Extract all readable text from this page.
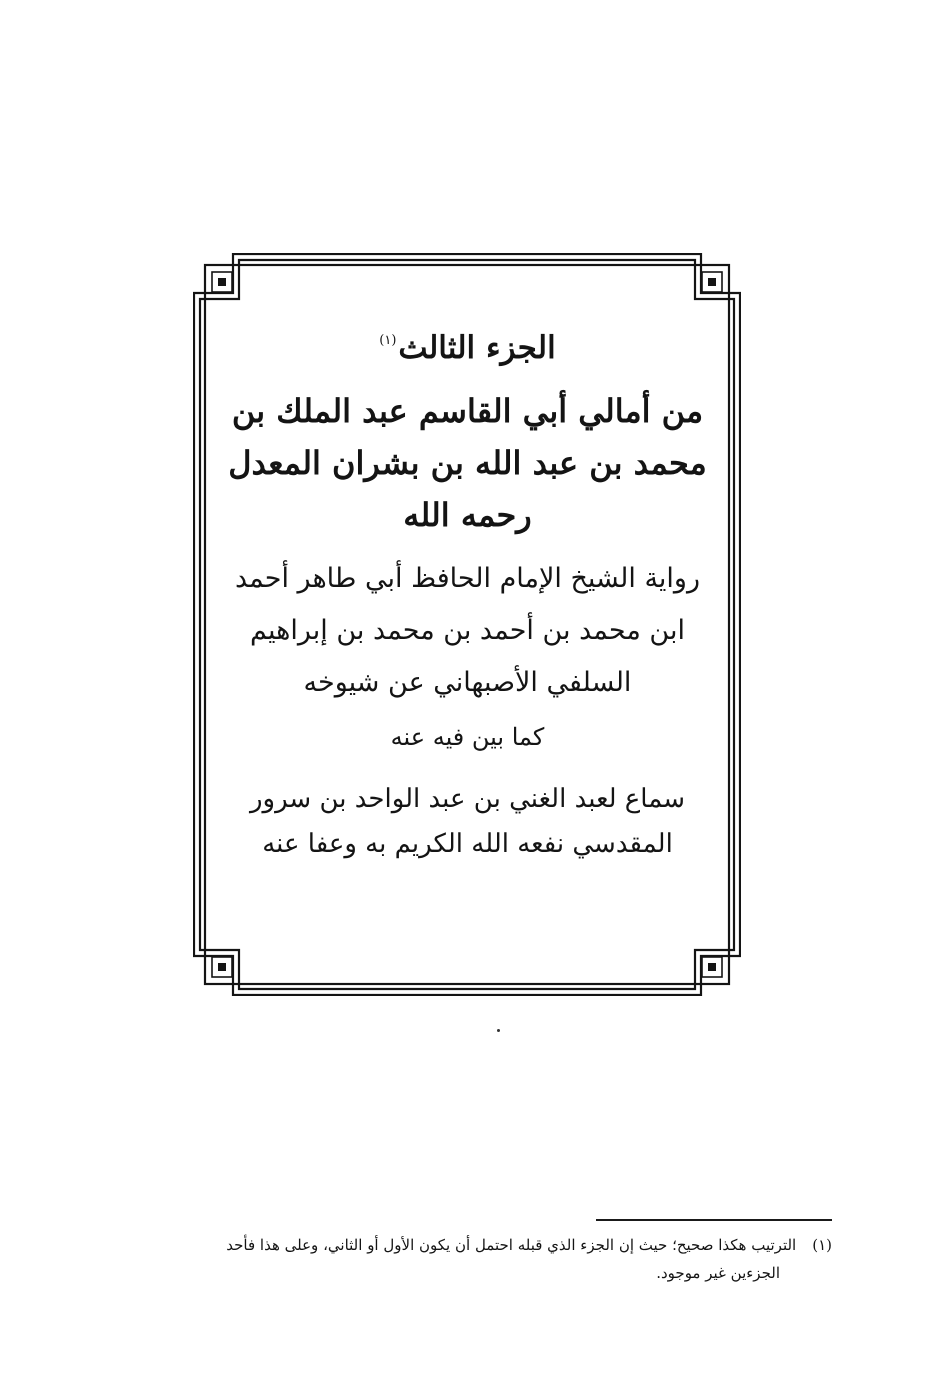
الجزء الثالث$^{(١)}$
من أمالي أبي القاسم عبد الملك بن
محمد بن عبد الله بن بشران المعدل
رحمه الله
رواية الشيخ الإمام الحافظ أبي طاهر أحمد
ابن محمد بن أحمد بن محمد بن إبراهيم
السلفي الأصبهاني عن شيوخه
كما بين فيه عنه
سماع لعبد الغني بن عبد الواحد بن سرور
المقدسي نفعه الله الكريم به وعفا عنه
(١)الترتيب هكذا صحيح؛ حيث إن الجزء الذي قبله احتمل أن يكون الأول أو الثاني، وعلى هذا فأحد
الجزءين غير موجود.
